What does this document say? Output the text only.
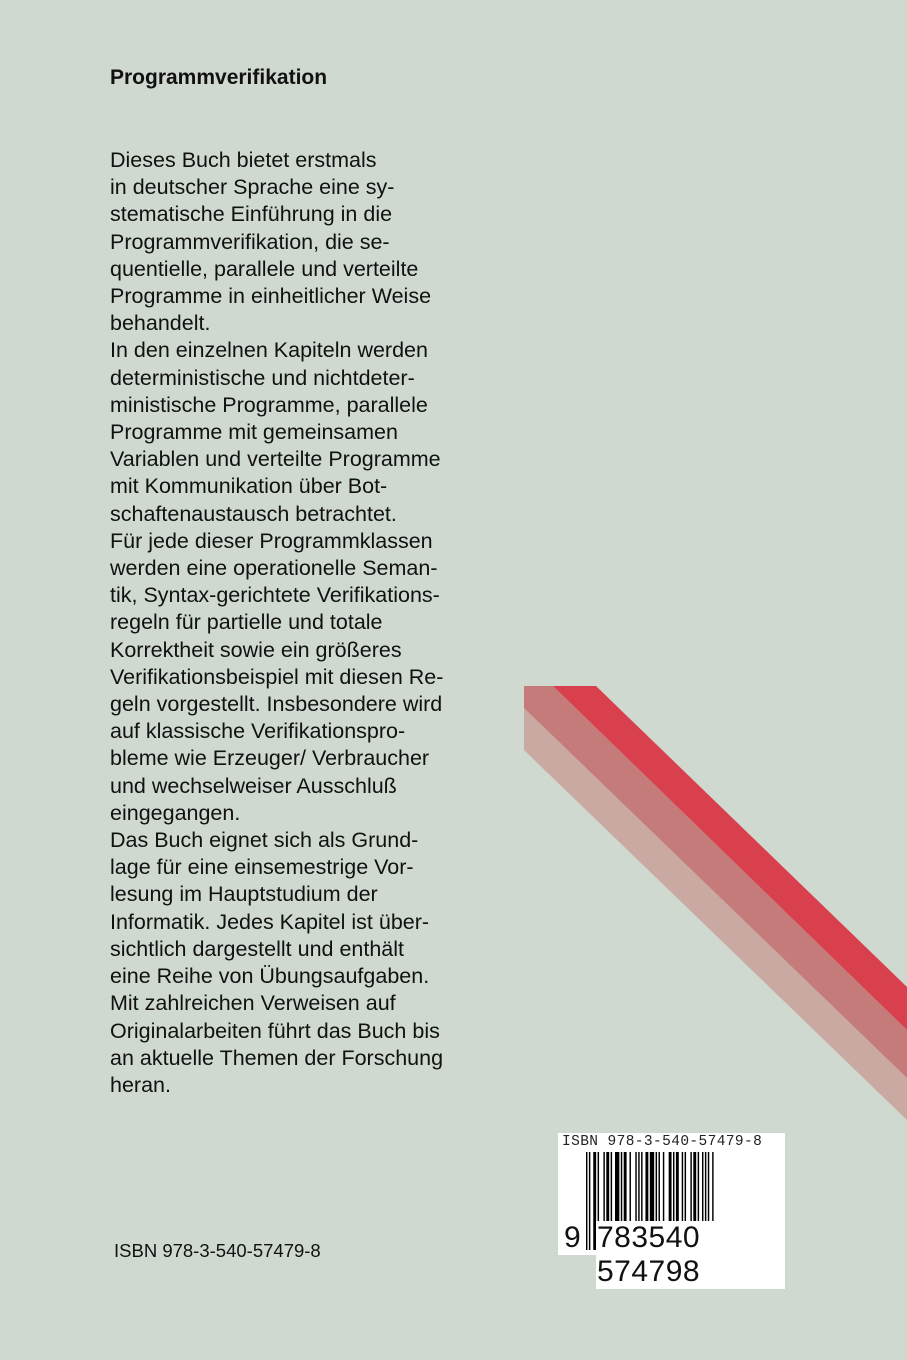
Programmverifikation
Dieses Buch bietet erstmals
in deutscher Sprache eine sy-
stematische Einführung in die
Programmverifikation, die se-
quentielle, parallele und verteilte
Programme in einheitlicher Weise
behandelt.
In den einzelnen Kapiteln werden
deterministische und nichtdeter-
ministische Programme, parallele
Programme mit gemeinsamen
Variablen und verteilte Programme
mit Kommunikation über Bot-
schaftenaustausch betrachtet.
Für jede dieser Programmklassen
werden eine operationelle Seman-
tik, Syntax-gerichtete Verifikations-
regeln für partielle und totale
Korrektheit sowie ein größeres
Verifikationsbeispiel mit diesen Re-
geln vorgestellt. Insbesondere wird
auf klassische Verifikationspro-
bleme wie Erzeuger/ Verbraucher
und wechselweiser Ausschluß
eingegangen.
Das Buch eignet sich als Grund-
lage für eine einsemestrige Vor-
lesung im Hauptstudium der
Informatik. Jedes Kapitel ist über-
sichtlich dargestellt und enthält
eine Reihe von Übungsaufgaben.
Mit zahlreichen Verweisen auf
Originalarbeiten führt das Buch bis
an aktuelle Themen der Forschung
heran.
ISBN 978-3-540-57479-8
ISBN 978-3-540-57479-8
9 783540 574798
